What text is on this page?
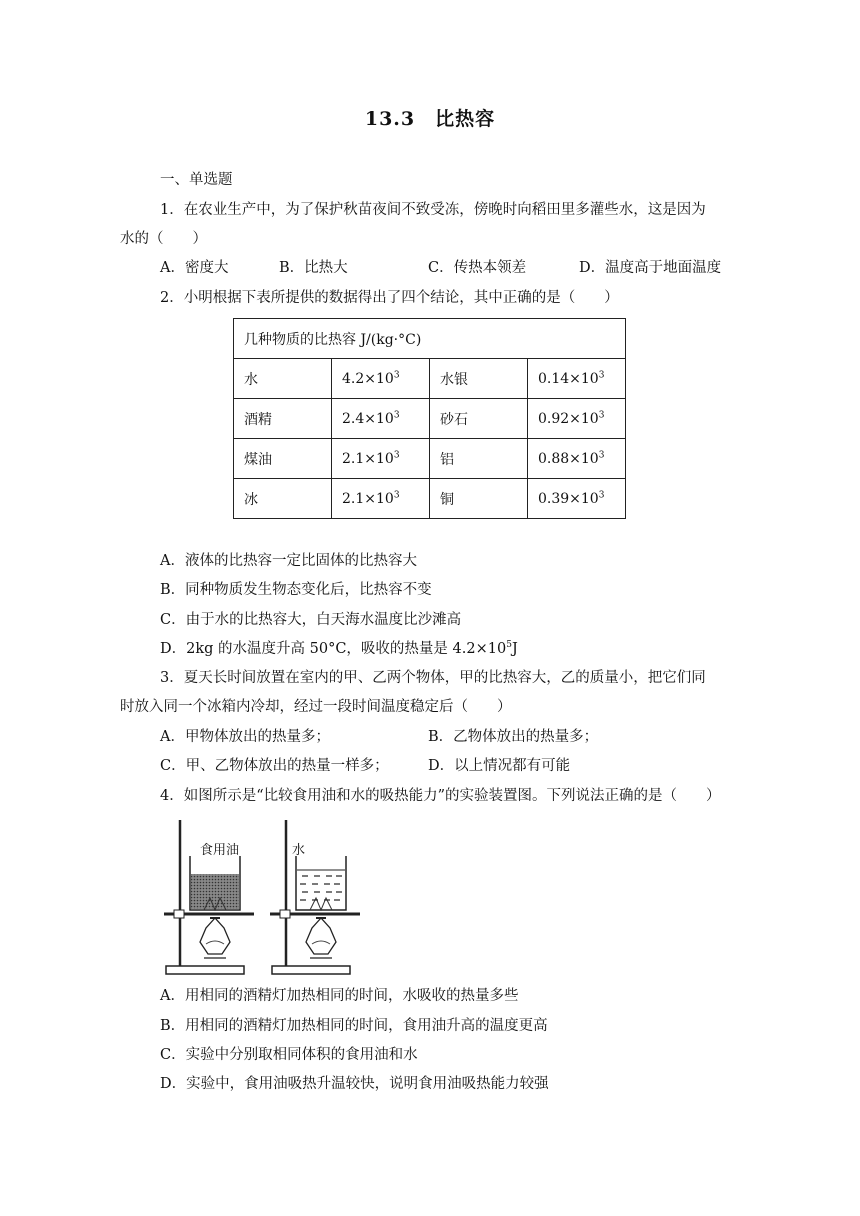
13.3　比热容
一、单选题
1．在农业生产中，为了保护秋苗夜间不致受冻，傍晚时向稻田里多灌些水，这是因为
水的（　　）
A．密度大	B．比热大	C．传热本领差	D．温度高于地面温度
2．小明根据下表所提供的数据得出了四个结论，其中正确的是（　　）
几种物质的比热容 J/(kg·°C)			
水	$4.2\times 10^3$	水银	$0.14\times 10^3$
酒精	$2.4\times 10^3$	砂石	$0.92\times 10^3$
煤油	$2.1\times 10^3$	铝	$0.88\times 10^3$
冰	$2.1\times 10^3$	铜	$0.39\times 10^3$
A．液体的比热容一定比固体的比热容大
B．同种物质发生物态变化后，比热容不变
C．由于水的比热容大，白天海水温度比沙滩高
D．2kg 的水温度升高 50°C，吸收的热量是 $4.2\times 10^5J$
3．夏天长时间放置在室内的甲、乙两个物体，甲的比热容大，乙的质量小，把它们同
时放入同一个冰箱内冷却，经过一段时间温度稳定后（　　）
A．甲物体放出的热量多；	B．乙物体放出的热量多；
C．甲、乙物体放出的热量一样多；	D．以上情况都有可能
4．如图所示是“比较食用油和水的吸热能力”的实验装置图。下列说法正确的是（　　）
食用油	水
A．用相同的酒精灯加热相同的时间，水吸收的热量多些
B．用相同的酒精灯加热相同的时间，食用油升高的温度更高
C．实验中分别取相同体积的食用油和水
D．实验中，食用油吸热升温较快，说明食用油吸热能力较强
